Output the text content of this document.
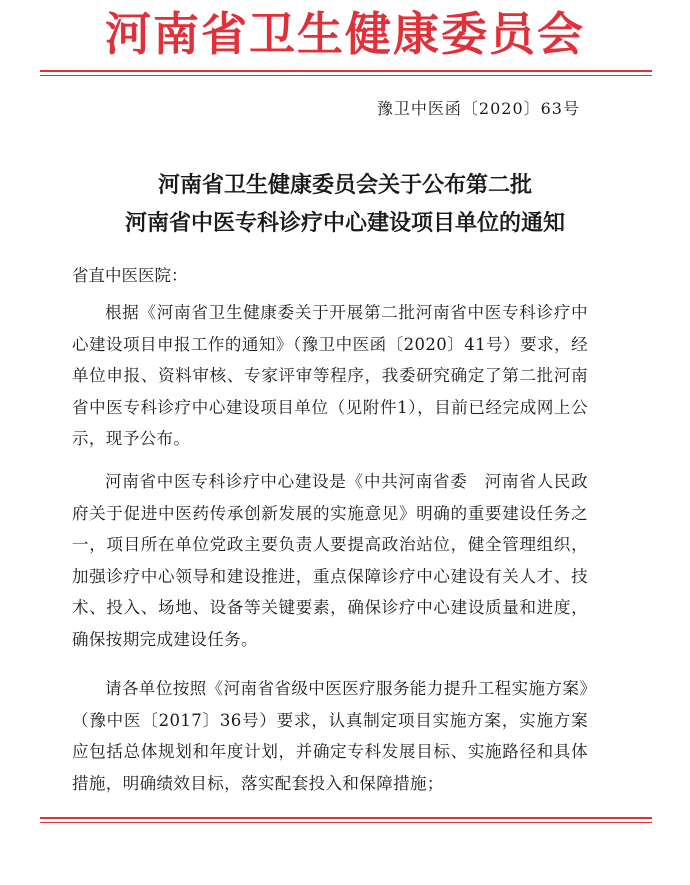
河南省卫生健康委员会
豫卫中医函〔2020〕63号
河南省卫生健康委员会关于公布第二批
河南省中医专科诊疗中心建设项目单位的通知
省直中医医院：
根据《河南省卫生健康委关于开展第二批河南省中医专科诊疗中心建设项目申报工作的通知》（豫卫中医函〔2020〕41号）要求，经单位申报、资料审核、专家评审等程序，我委研究确定了第二批河南省中医专科诊疗中心建设项目单位（见附件1），目前已经完成网上公示，现予公布。
河南省中医专科诊疗中心建设是《中共河南省委　河南省人民政府关于促进中医药传承创新发展的实施意见》明确的重要建设任务之一，项目所在单位党政主要负责人要提高政治站位，健全管理组织，加强诊疗中心领导和建设推进，重点保障诊疗中心建设有关人才、技术、投入、场地、设备等关键要素，确保诊疗中心建设质量和进度，确保按期完成建设任务。
请各单位按照《河南省省级中医医疗服务能力提升工程实施方案》（豫中医〔2017〕36号）要求，认真制定项目实施方案，实施方案应包括总体规划和年度计划，并确定专科发展目标、实施路径和具体措施，明确绩效目标，落实配套投入和保障措施；
